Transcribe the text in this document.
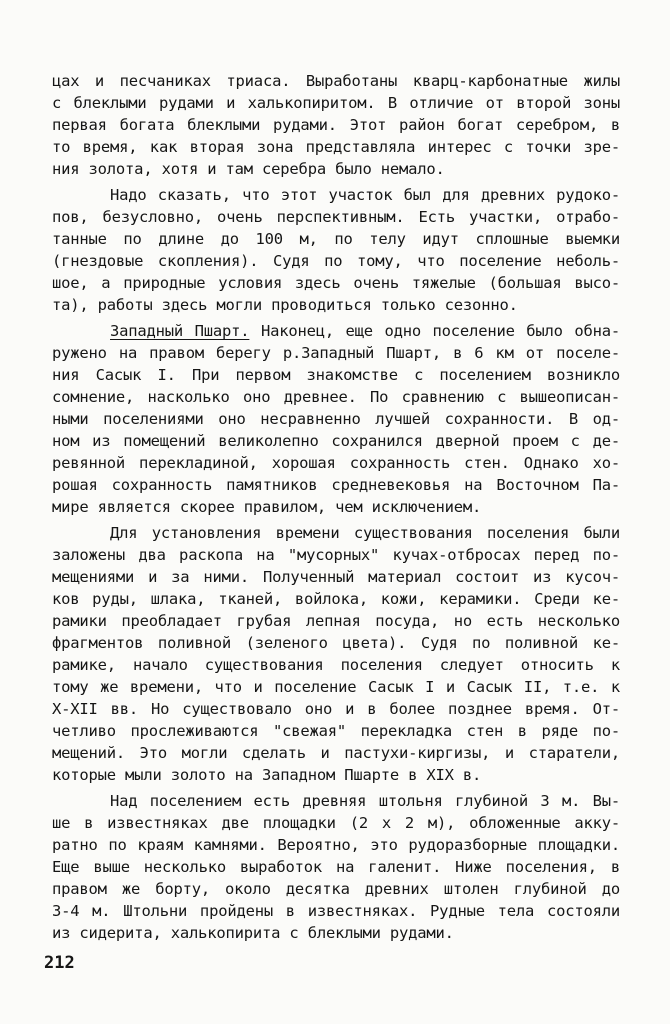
цах и песчаниках триаса. Выработаны кварц-карбонатные жилы
с блеклыми рудами и халькопиритом. В отличие от второй зоны
первая богата блеклыми рудами. Этот район богат серебром, в
то время, как вторая зона представляла интерес с точки зре-
ния золота, хотя и там серебра было немало.
Надо сказать, что этот участок был для древних рудоко-
пов, безусловно, очень перспективным. Есть участки, отрабо-
танные по длине до 100 м, по телу идут сплошные выемки
(гнездовые скопления). Судя по тому, что поселение неболь-
шое, а природные условия здесь очень тяжелые (большая высо-
та), работы здесь могли проводиться только сезонно.
Западный Пшарт. Наконец, еще одно поселение было обна-
ружено на правом берегу р.Западный Пшарт, в 6 км от поселе-
ния Сасык I. При первом знакомстве с поселением возникло
сомнение, насколько оно древнее. По сравнению с вышеописан-
ными поселениями оно несравненно лучшей сохранности. В од-
ном из помещений великолепно сохранился дверной проем с де-
ревянной перекладиной, хорошая сохранность стен. Однако хо-
рошая сохранность памятников средневековья на Восточном Па-
мире является скорее правилом, чем исключением.
Для установления времени существования поселения были
заложены два раскопа на "мусорных" кучах-отбросах перед по-
мещениями и за ними. Полученный материал состоит из кусоч-
ков руды, шлака, тканей, войлока, кожи, керамики. Среди ке-
рамики преобладает грубая лепная посуда, но есть несколько
фрагментов поливной (зеленого цвета). Судя по поливной ке-
рамике, начало существования поселения следует относить к
тому же времени, что и поселение Сасык I и Сасык II, т.е. к
X-XII вв. Но существовало оно и в более позднее время. От-
четливо прослеживаются "свежая" перекладка стен в ряде по-
мещений. Это могли сделать и пастухи-киргизы, и старатели,
которые мыли золото на Западном Пшарте в XIX в.
Над поселением есть древняя штольня глубиной 3 м. Вы-
ше в известняках две площадки (2 х 2 м), обложенные акку-
ратно по краям камнями. Вероятно, это рудоразборные площадки.
Еще выше несколько выработок на галенит. Ниже поселения, в
правом же борту, около десятка древних штолен глубиной до
3-4 м. Штольни пройдены в известняках. Рудные тела состояли
из сидерита, халькопирита с блеклыми рудами.
212
